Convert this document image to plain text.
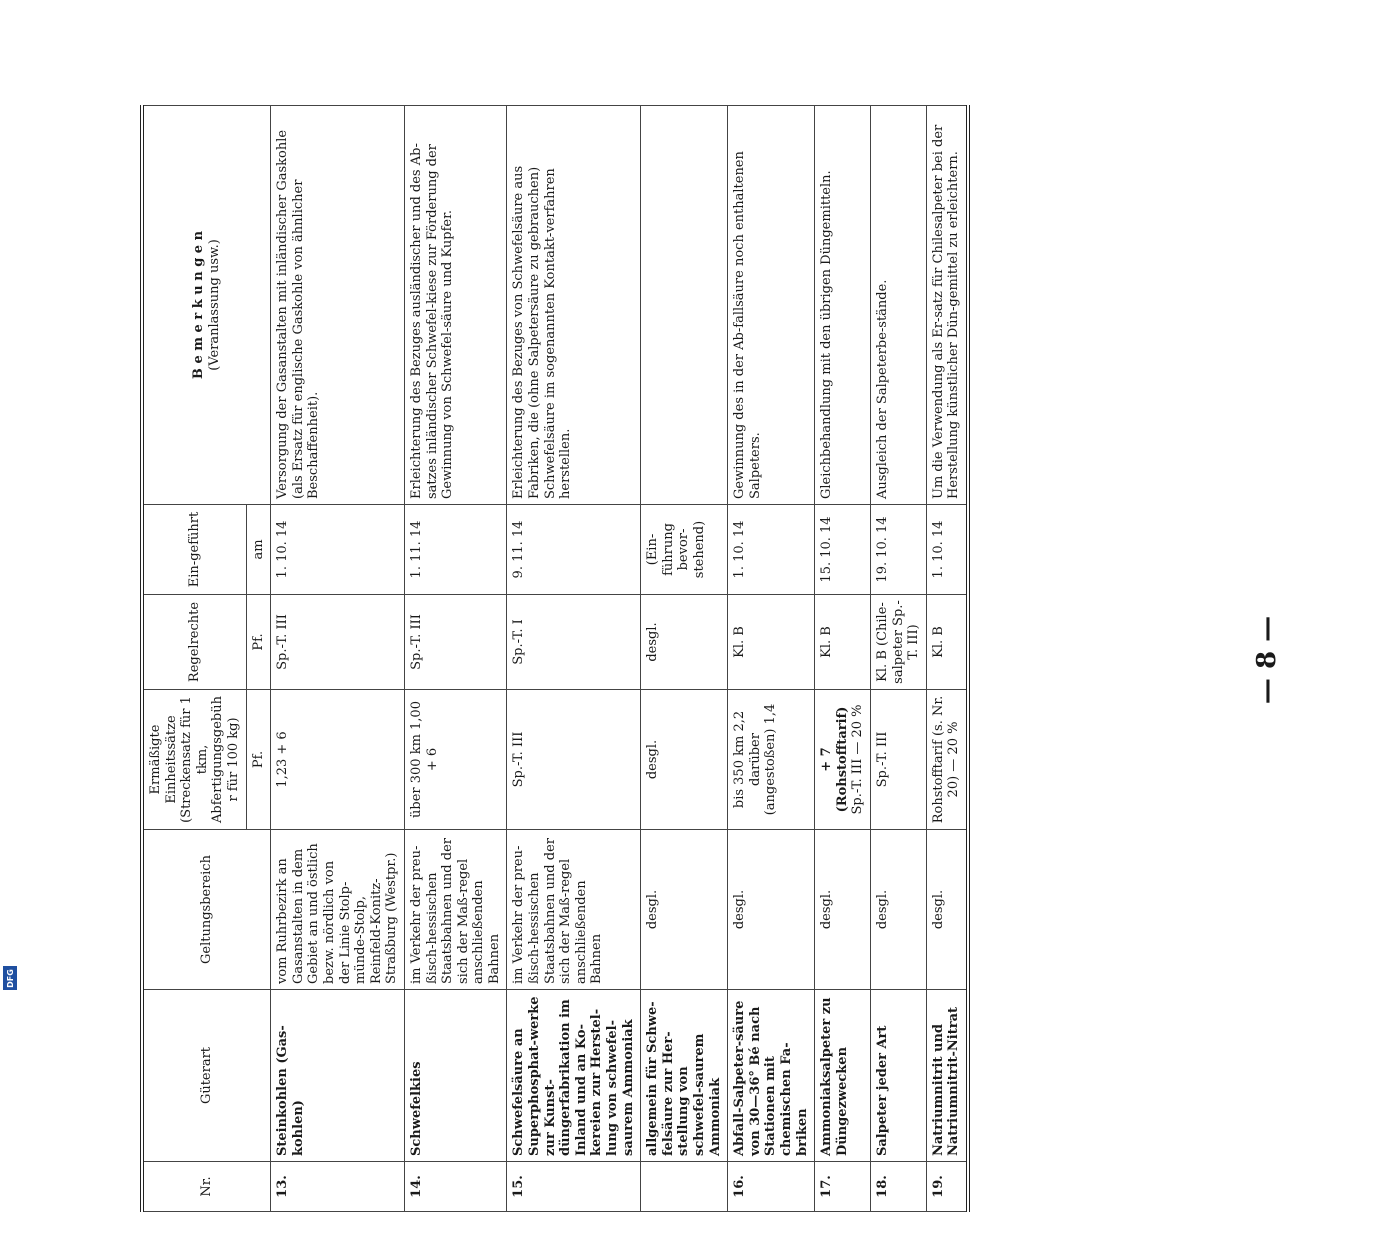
DFG
— 8 —
Nr.	Güterart	Geltungsbereich	Ermäßigte Einheitssätze (Streckensatz für 1 tkm, Abfertigungsgebühr für 100 kg)	Regelrechte	Ein-geführt	B e m e r k u n g e n (Veranlassung usw.)
			Pf.	Pf.	am	
13.	Steinkohlen (Gas-kohlen)	vom Ruhrbezirk an Gasanstalten in dem Gebiet an und östlich bezw. nördlich von der Linie Stolp-münde-Stolp, Reinfeld-Konitz-Straßburg (Westpr.)	1,23 + 6	Sp.-T. III	1. 10. 14	Versorgung der Gasanstalten mit inländischer Gaskohle (als Ersatz für englische Gaskohle von ähnlicher Beschaffenheit).
14.	Schwefelkies	im Verkehr der preu-ßisch-hessischen Staatsbahnen und der sich der Maß-regel anschließenden Bahnen	über 300 km 1,00 + 6	Sp.-T. III	1. 11. 14	Erleichterung des Bezuges ausländischer und des Ab-satzes inländischer Schwefel-kiese zur Förderung der Gewinnung von Schwefel-säure und Kupfer.
15.	Schwefelsäure an Superphosphat-werke zur Kunst-düngerfabrikation im Inland und an Ko-kereien zur Herstel-lung von schwefel-saurem Ammoniak	im Verkehr der preu-ßisch-hessischen Staatsbahnen und der sich der Maß-regel anschließenden Bahnen	Sp.-T. III	Sp.-T. I	9. 11. 14	Erleichterung des Bezuges von Schwefelsäure aus Fabriken, die (ohne Salpetersäure zu gebrauchen) Schwefelsäure im sogenannten Kontakt-verfahren herstellen.
	allgemein für Schwe-felsäure zur Her-stellung von schwefel-saurem Ammoniak	desgl.	desgl.	desgl.	(Ein-führung bevor-stehend)	
16.	Abfall-Salpeter-säure von 30—36° Bé nach Stationen mit chemischen Fa-briken	desgl.	bis 350 km 2,2 darüber (angestoßen) 1,4	Kl. B	1. 10. 14	Gewinnung des in der Ab-fallsäure noch enthaltenen Salpeters.
17.	Ammoniaksalpeter zu Düngezwecken	desgl.	+ 7 (Rohstofftarif) Sp.-T. III — 20 %	Kl. B	15. 10. 14	Gleichbehandlung mit den übrigen Düngemitteln.
18.	Salpeter jeder Art	desgl.	Sp.-T. III	Kl. B (Chile-salpeter Sp.-T. III)	19. 10. 14	Ausgleich der Salpeterbe-stände.
19.	Natriumnitrit und Natriumnitrit-Nitrat	desgl.	Rohstofftarif (s. Nr. 20) — 20 %	Kl. B	1. 10. 14	Um die Verwendung als Er-satz für Chilesalpeter bei der Herstellung künstlicher Dün-gemittel zu erleichtern.
